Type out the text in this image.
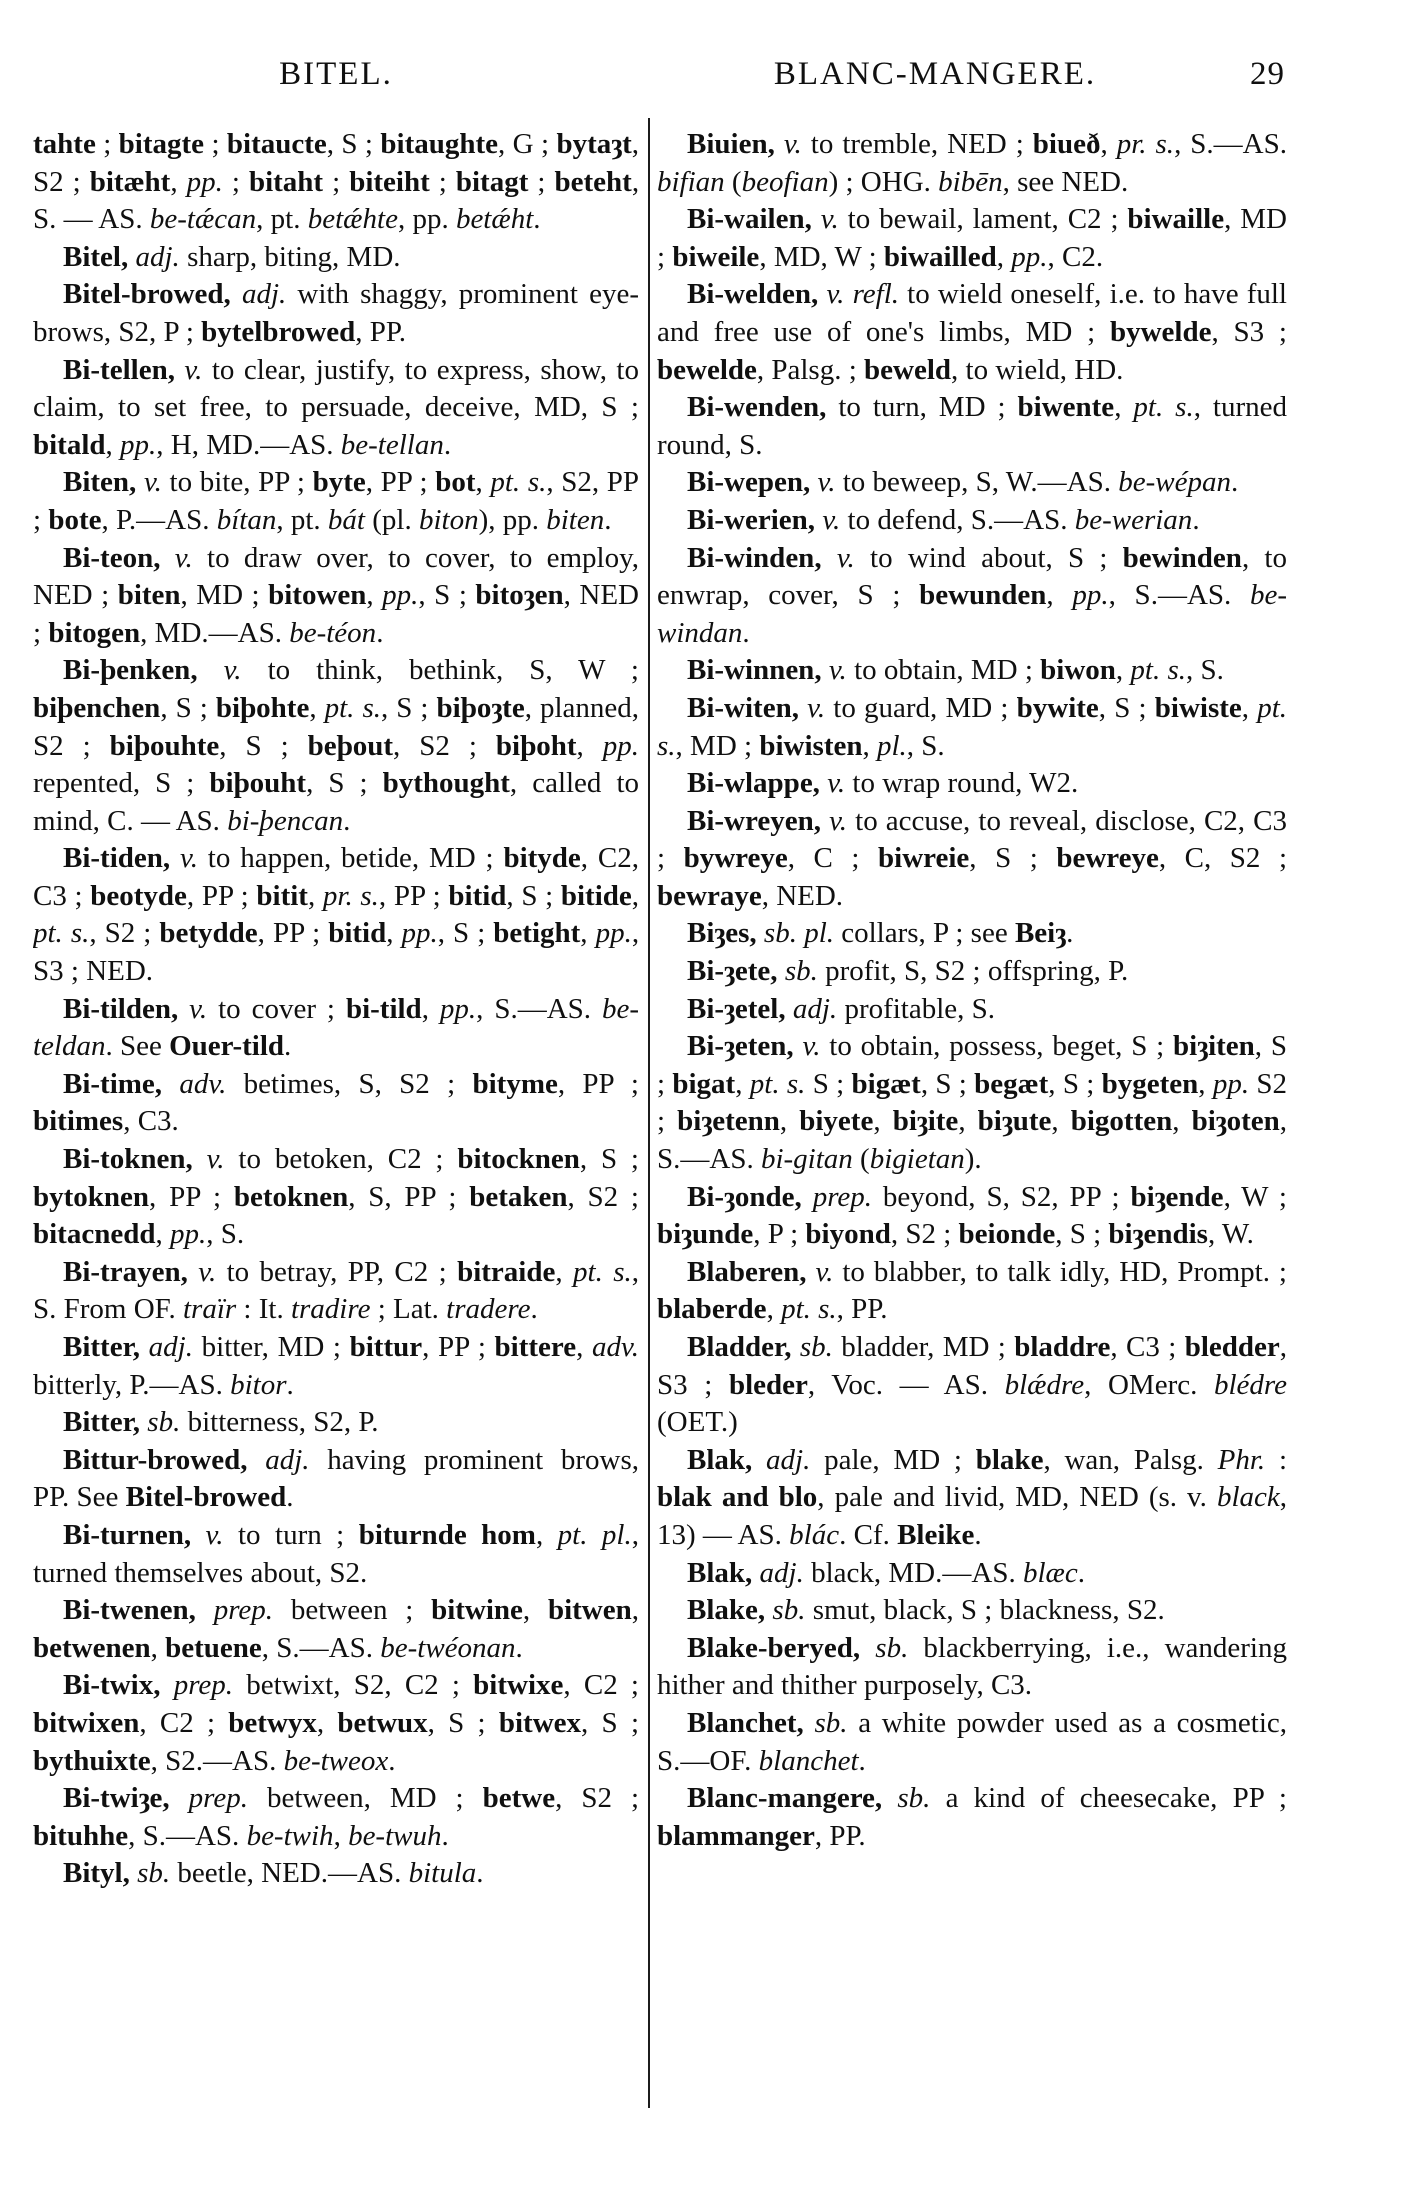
BITEL.	BLANC-MANGERE.	29

tahte ; bitagte ; bitaucte, S ; bitaughte, G ; bytaȝt, S2 ; bitæht, pp. ; bitaht ; biteiht ; bitagt ; beteht, S. — AS. be-tǽcan, pt. betǽhte, pp. betǽht.

Bitel, adj. sharp, biting, MD.

Bitel-browed, adj. with shaggy, prominent eye-brows, S2, P ; bytelbrowed, PP.

Bi-tellen, v. to clear, justify, to express, show, to claim, to set free, to persuade, deceive, MD, S ; bitald, pp., H, MD.—AS. be-tellan.

Biten, v. to bite, PP ; byte, PP ; bot, pt. s., S2, PP ; bote, P.—AS. bítan, pt. bát (pl. biton), pp. biten.

Bi-teon, v. to draw over, to cover, to employ, NED ; biten, MD ; bitowen, pp., S ; bitoȝen, NED ; bitogen, MD.—AS. be-téon.

Bi-þenken, v. to think, bethink, S, W ; biþenchen, S ; biþohte, pt. s., S ; biþoȝte, planned, S2 ; biþouhte, S ; beþout, S2 ; biþoht, pp. repented, S ; biþouht, S ; bythought, called to mind, C. — AS. bi-þencan.

Bi-tiden, v. to happen, betide, MD ; bityde, C2, C3 ; beotyde, PP ; bitit, pr. s., PP ; bitid, S ; bitide, pt. s., S2 ; betydde, PP ; bitid, pp., S ; betight, pp., S3 ; NED.

Bi-tilden, v. to cover ; bi-tild, pp., S.—AS. be-teldan. See Ouer-tild.

Bi-time, adv. betimes, S, S2 ; bityme, PP ; bitimes, C3.

Bi-toknen, v. to betoken, C2 ; bitocknen, S ; bytoknen, PP ; betoknen, S, PP ; betaken, S2 ; bitacnedd, pp., S.

Bi-trayen, v. to betray, PP, C2 ; bitraide, pt. s., S. From OF. traïr : It. tradire ; Lat. tradere.

Bitter, adj. bitter, MD ; bittur, PP ; bittere, adv. bitterly, P.—AS. bitor.

Bitter, sb. bitterness, S2, P.

Bittur-browed, adj. having prominent brows, PP. See Bitel-browed.

Bi-turnen, v. to turn ; biturnde hom, pt. pl., turned themselves about, S2.

Bi-twenen, prep. between ; bitwine, bitwen, betwenen, betuene, S.—AS. be-twéonan.

Bi-twix, prep. betwixt, S2, C2 ; bitwixe, C2 ; bitwixen, C2 ; betwyx, betwux, S ; bitwex, S ; bythuixte, S2.—AS. be-tweox.

Bi-twiȝe, prep. between, MD ; betwe, S2 ; bituhhe, S.—AS. be-twih, be-twuh.

Bityl, sb. beetle, NED.—AS. bitula.

Biuien, v. to tremble, NED ; biueð, pr. s., S.—AS. bifian (beofian) ; OHG. bibēn, see NED.

Bi-wailen, v. to bewail, lament, C2 ; biwaille, MD ; biweile, MD, W ; biwailled, pp., C2.

Bi-welden, v. refl. to wield oneself, i.e. to have full and free use of one's limbs, MD ; bywelde, S3 ; bewelde, Palsg. ; beweld, to wield, HD.

Bi-wenden, to turn, MD ; biwente, pt. s., turned round, S.

Bi-wepen, v. to beweep, S, W.—AS. be-wépan.

Bi-werien, v. to defend, S.—AS. be-werian.

Bi-winden, v. to wind about, S ; bewinden, to enwrap, cover, S ; bewunden, pp., S.—AS. be-windan.

Bi-winnen, v. to obtain, MD ; biwon, pt. s., S.

Bi-witen, v. to guard, MD ; bywite, S ; biwiste, pt. s., MD ; biwisten, pl., S.

Bi-wlappe, v. to wrap round, W2.

Bi-wreyen, v. to accuse, to reveal, disclose, C2, C3 ; bywreye, C ; biwreie, S ; bewreye, C, S2 ; bewraye, NED.

Biȝes, sb. pl. collars, P ; see Beiȝ.

Bi-ȝete, sb. profit, S, S2 ; offspring, P.

Bi-ȝetel, adj. profitable, S.

Bi-ȝeten, v. to obtain, possess, beget, S ; biȝiten, S ; bigat, pt. s. S ; bigæt, S ; begæt, S ; bygeten, pp. S2 ; biȝetenn, biyete, biȝite, biȝute, bigotten, biȝoten, S.—AS. bi-gitan (bigietan).

Bi-ȝonde, prep. beyond, S, S2, PP ; biȝende, W ; biȝunde, P ; biyond, S2 ; beionde, S ; biȝendis, W.

Blaberen, v. to blabber, to talk idly, HD, Prompt. ; blaberde, pt. s., PP.

Bladder, sb. bladder, MD ; bladdre, C3 ; bledder, S3 ; bleder, Voc. — AS. blǽdre, OMerc. blédre (OET.)

Blak, adj. pale, MD ; blake, wan, Palsg. Phr. : blak and blo, pale and livid, MD, NED (s. v. black, 13) — AS. blác. Cf. Bleike.

Blak, adj. black, MD.—AS. blæc.

Blake, sb. smut, black, S ; blackness, S2.

Blake-beryed, sb. blackberrying, i.e., wandering hither and thither purposely, C3.

Blanchet, sb. a white powder used as a cosmetic, S.—OF. blanchet.

Blanc-mangere, sb. a kind of cheesecake, PP ; blammanger, PP.
